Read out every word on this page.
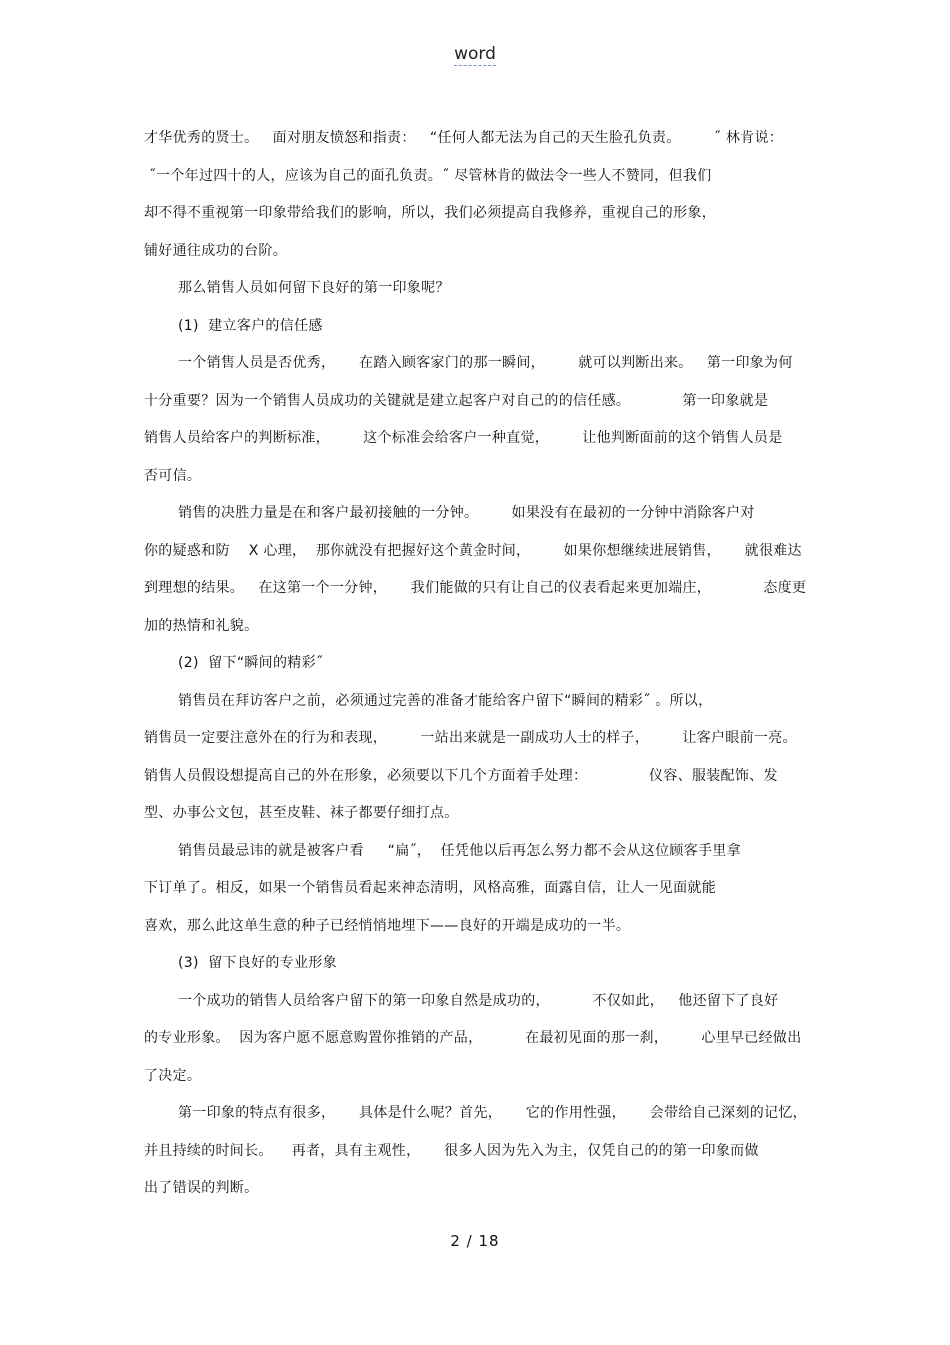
word
才华优秀的贤士。   面对朋友愤怒和指责：   “任何人都无法为自己的天生脸孔负责。       ˝ 林肯说：
˝一个年过四十的人，应该为自己的面孔负责。˝ 尽管林肯的做法令一些人不赞同，但我们
却不得不重视第一印象带给我们的影响，所以，我们必须提高自我修养，重视自己的形象，
铺好通往成功的台阶。
那么销售人员如何留下良好的第一印象呢？
(1)  建立客户的信任感
一个销售人员是否优秀，     在踏入顾客家门的那一瞬间，       就可以判断出来。   第一印象为何
十分重要？因为一个销售人员成功的关键就是建立起客户对自己的的信任感。           第一印象就是
销售人员给客户的判断标准，       这个标准会给客户一种直觉，       让他判断面前的这个销售人员是
否可信。
销售的决胜力量是在和客户最初接触的一分钟。       如果没有在最初的一分钟中消除客户对
你的疑惑和防    X 心理，  那你就没有把握好这个黄金时间，       如果你想继续进展销售，     就很难达
到理想的结果。   在这第一个一分钟，     我们能做的只有让自己的仪表看起来更加端庄，           态度更
加的热情和礼貌。
(2)  留下“瞬间的精彩˝
销售员在拜访客户之前，必须通过完善的准备才能给客户留下“瞬间的精彩˝ 。所以，
销售员一定要注意外在的行为和表现，       一站出来就是一副成功人士的样子，       让客户眼前一亮。
销售人员假设想提高自己的外在形象，必须要以下几个方面着手处理：             仪容、服装配饰、发
型、办事公文包，甚至皮鞋、袜子都要仔细打点。
销售员最忌讳的就是被客户看     “扁˝，  任凭他以后再怎么努力都不会从这位顾客手里拿
下订单了。相反，如果一个销售员看起来神态清明，风格高雅，面露自信，让人一见面就能
喜欢，那么此这单生意的种子已经悄悄地埋下——良好的开端是成功的一半。
(3)  留下良好的专业形象
一个成功的销售人员给客户留下的第一印象自然是成功的，         不仅如此，   他还留下了良好
的专业形象。  因为客户愿不愿意购置你推销的产品，         在最初见面的那一刹，       心里早已经做出
了决定。
第一印象的特点有很多，     具体是什么呢？首先，     它的作用性强，     会带给自己深刻的记忆，
并且持续的时间长。    再者，具有主观性，     很多人因为先入为主，仅凭自己的的第一印象而做
出了错误的判断。
2 / 18
